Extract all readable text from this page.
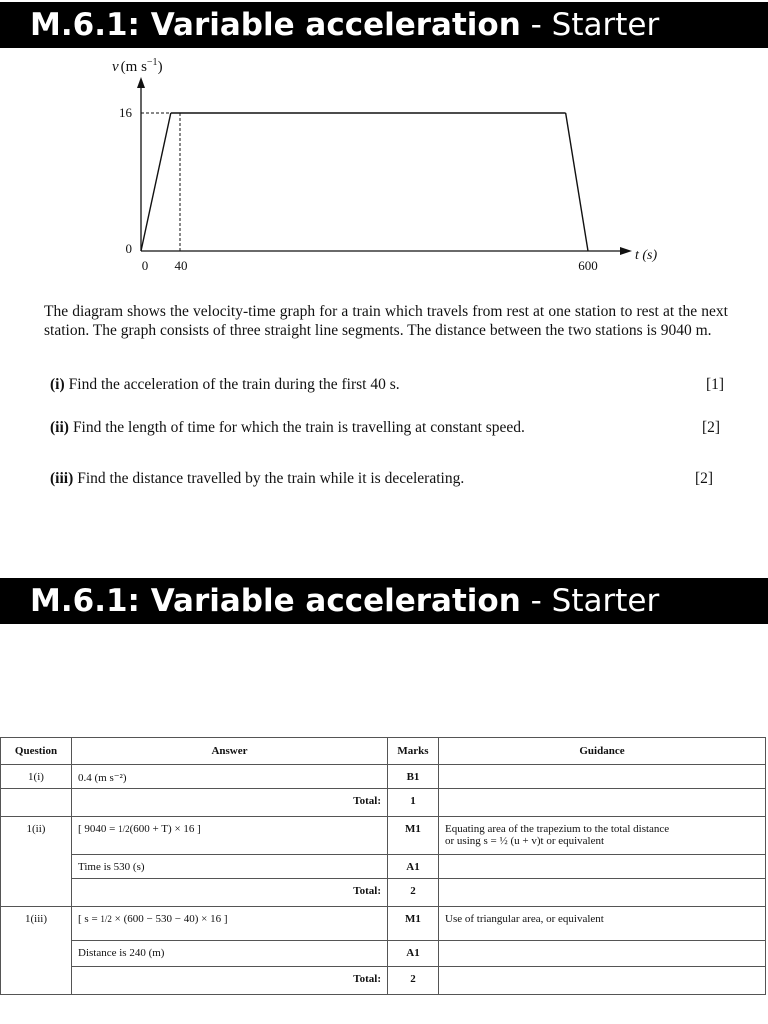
M.6.1: Variable acceleration - Starter
v (m $s^{-1}$)
16
0
0 40	600
t (s)
The diagram shows the velocity-time graph for a train which travels from rest at one station to rest at the next station. The graph consists of three straight line segments. The distance between the two stations is 9040 m.
(i) Find the acceleration of the train during the first 40 s.	[1]
(ii) Find the length of time for which the train is travelling at constant speed.	[2]
(iii) Find the distance travelled by the train while it is decelerating.	[2]
M.6.1: Variable acceleration - Starter
Question	Answer	Marks	Guidance
1(i)	0.4 (m s⁻²)	B1	
	Total:	1	
1(ii)	[ 9040 = 1/2(600 + T) × 16 ]	M1	Equating area of the trapezium to the total distance
or using s = ½ (u + v)t or equivalent

	Time is 530 (s)	A1	
	Total:	2	
1(iii)	[ s = 1/2 × (600 − 530 − 40) × 16 ]	M1	Use of triangular area, or equivalent
	Distance is 240 (m)	A1	
	Total:	2	
